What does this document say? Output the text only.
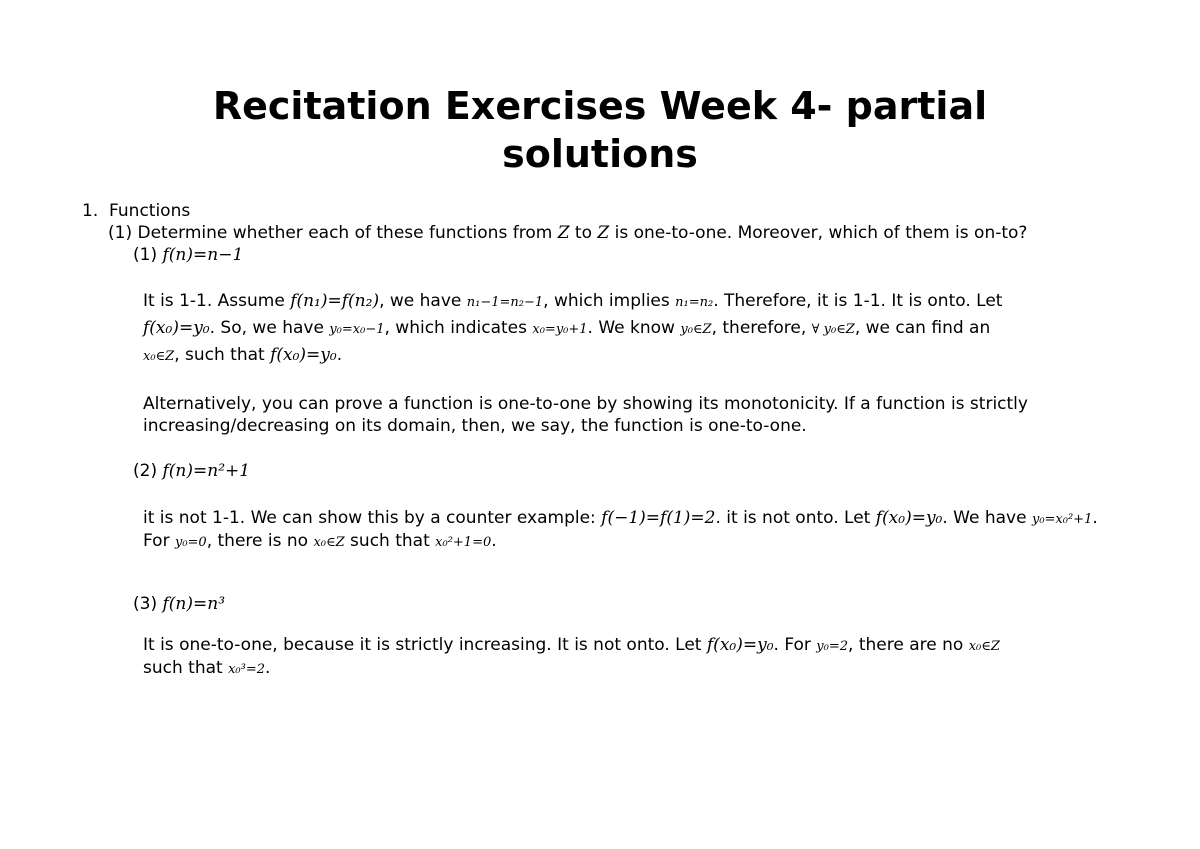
Recitation Exercises Week 4- partial
solutions
1. Functions
(1) Determine whether each of these functions from Z to Z is one-to-one. Moreover, which of them is on-to?
(1) f(n)=n−1
It is 1-1. Assume f(n₁)=f(n₂), we have n₁−1=n₂−1, which implies n₁=n₂. Therefore, it is 1-1. It is onto. Let
f(x₀)=y₀. So, we have y₀=x₀−1, which indicates x₀=y₀+1. We know y₀∈Z, therefore, ∀ y₀∈Z, we can find an
x₀∈Z, such that f(x₀)=y₀.
Alternatively, you can prove a function is one-to-one by showing its monotonicity. If a function is strictly
increasing/decreasing on its domain, then, we say, the function is one-to-one.
(2) f(n)=n²+1
it is not 1-1. We can show this by a counter example: f(−1)=f(1)=2. it is not onto. Let f(x₀)=y₀. We have y₀=x₀²+1.
For y₀=0, there is no x₀∈Z such that x₀²+1=0.
(3) f(n)=n³
It is one-to-one, because it is strictly increasing. It is not onto. Let f(x₀)=y₀. For y₀=2, there are no x₀∈Z
such that x₀³=2.
